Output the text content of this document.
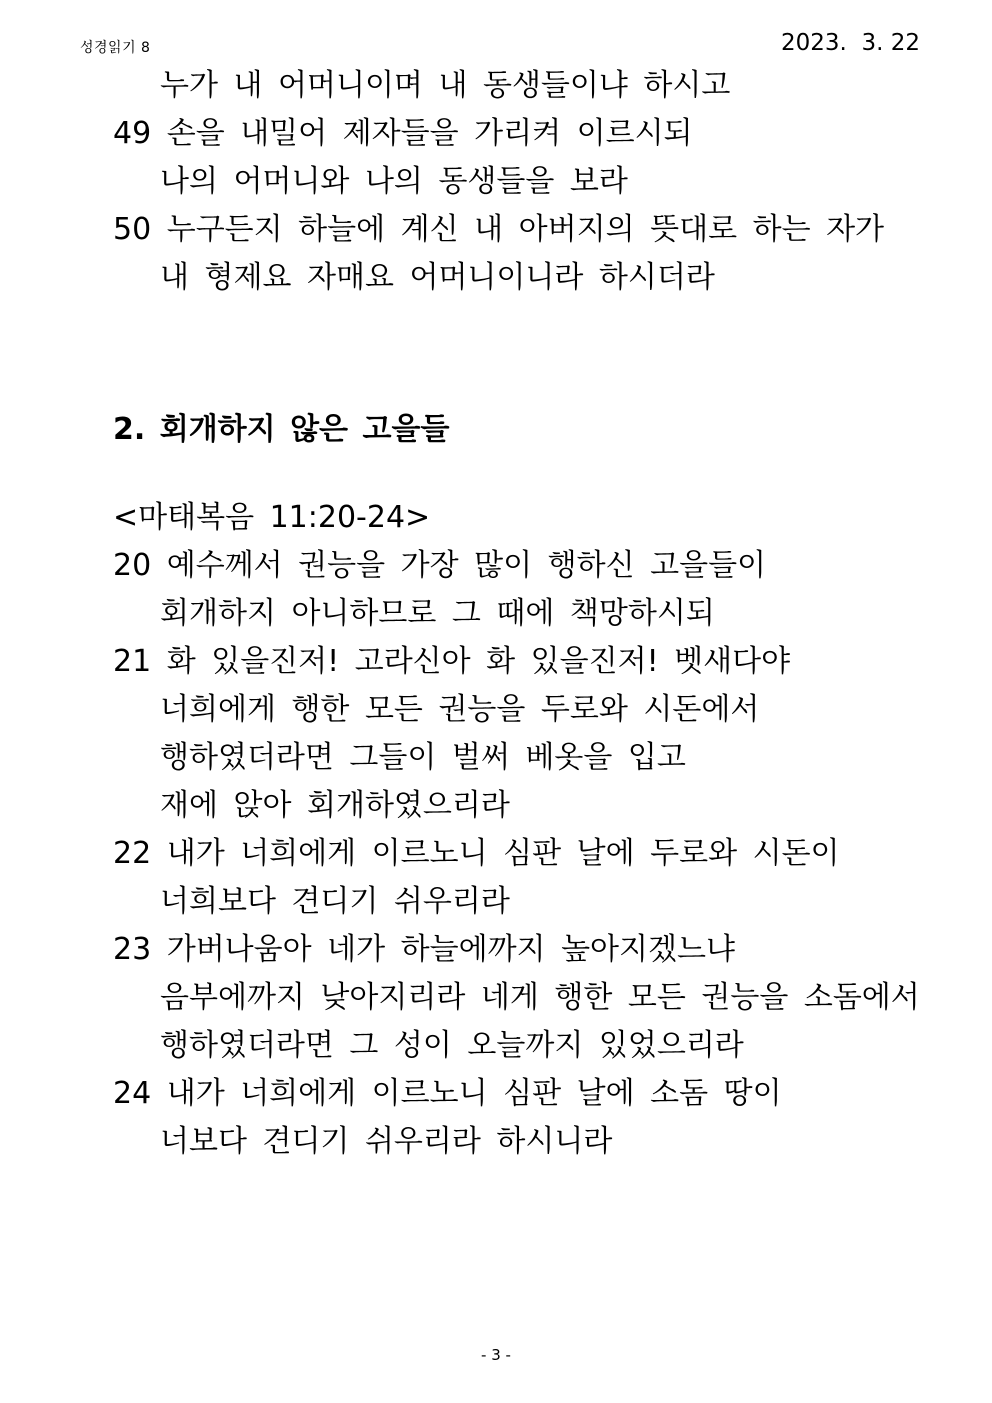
성경읽기 8	2023.  3. 22
누가 내 어머니이며 내 동생들이냐 하시고
49 손을 내밀어 제자들을 가리켜 이르시되
나의 어머니와 나의 동생들을 보라
50 누구든지 하늘에 계신 내 아버지의 뜻대로 하는 자가
내 형제요 자매요 어머니이니라 하시더라
2. 회개하지 않은 고을들
<마태복음 11:20-24>
20 예수께서 권능을 가장 많이 행하신 고을들이
회개하지 아니하므로 그 때에 책망하시되
21 화 있을진저! 고라신아 화 있을진저! 벳새다야
너희에게 행한 모든 권능을 두로와 시돈에서
행하였더라면 그들이 벌써 베옷을 입고
재에 앉아 회개하였으리라
22 내가 너희에게 이르노니 심판 날에 두로와 시돈이
너희보다 견디기 쉬우리라
23 가버나움아 네가 하늘에까지 높아지겠느냐
음부에까지 낮아지리라 네게 행한 모든 권능을 소돔에서
행하였더라면 그 성이 오늘까지 있었으리라
24 내가 너희에게 이르노니 심판 날에 소돔 땅이
너보다 견디기 쉬우리라 하시니라
- 3 -
